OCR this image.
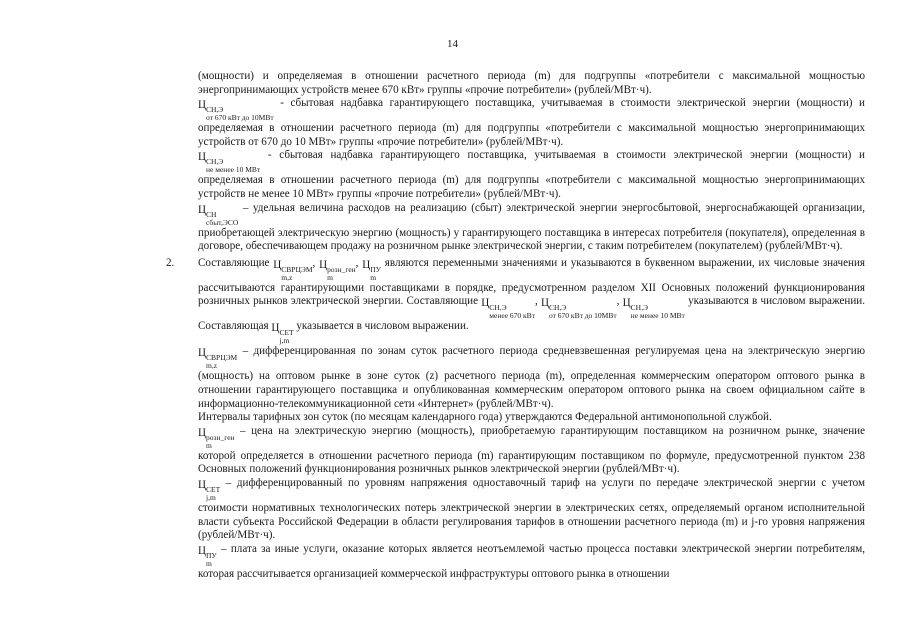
14

(мощности) и определяемая в отношении расчетного периода (m) для подгруппы «потребители с максимальной мощностью энергопринимающих устройств менее 670 кВт» группы «прочие потребители» (рублей/МВт·ч).

Ц СН,Э
от 670 кВт до 10МВт
- сбытовая надбавка гарантирующего поставщика, учитываемая в стоимости электрической энергии (мощности) и определяемая в отношении расчетного периода (m) для подгруппы «потребители с максимальной мощностью энергопринимающих устройств от 670 до 10 МВт» группы «прочие потребители» (рублей/МВт·ч).

Ц СН,Э
не менее 10 МВт
- сбытовая надбавка гарантирующего поставщика, учитываемая в стоимости электрической энергии (мощности) и определяемая в отношении расчетного периода (m) для подгруппы «потребители с максимальной мощностью энергопринимающих устройств не менее 10 МВт» группы «прочие потребители» (рублей/МВт·ч).

Ц СН
сбыт,ЭСО
– удельная величина расходов на реализацию (сбыт) электрической энергии энергосбытовой, энергоснабжающей организации, приобретающей электрическую энергию (мощность) у гарантирующего поставщика в интересах потребителя (покупателя), определенная в договоре, обеспечивающем продажу на розничном рынке электрической энергии, с таким потребителем (покупателем) (рублей/МВт·ч).

2. Составляющие Ц СВРЦЭМ
m,z
, Ц розн_ген
m
, Ц ПУ
m
являются переменными значениями и указываются в буквенном выражении, их числовые значения рассчитываются гарантирующими поставщиками в порядке, предусмотренном разделом XII Основных положений функционирования розничных рынков электрической энергии. Составляющие Ц СН,Э
менее 670 кВт
, Ц СН,Э
от 670 кВт до 10МВт
, Ц СН,Э
не менее 10 МВт
указываются в числовом выражении. Составляющая Ц СЕТ
j,m
указывается в числовом выражении.

Ц СВРЦЭМ
m,z
– дифференцированная по зонам суток расчетного периода средневзвешенная регулируемая цена на электрическую энергию (мощность) на оптовом рынке в зоне суток (z) расчетного периода (m), определенная коммерческим оператором оптового рынка в отношении гарантирующего поставщика и опубликованная коммерческим оператором оптового рынка на своем официальном сайте в информационно-телекоммуникационной сети «Интернет» (рублей/МВт·ч).

Интервалы тарифных зон суток (по месяцам календарного года) утверждаются Федеральной антимонопольной службой.

Ц розн_ген
m
– цена на электрическую энергию (мощность), приобретаемую гарантирующим поставщиком на розничном рынке, значение которой определяется в отношении расчетного периода (m) гарантирующим поставщиком по формуле, предусмотренной пунктом 238 Основных положений функционирования розничных рынков электрической энергии (рублей/МВт·ч).

Ц СЕТ
j,m
– дифференцированный по уровням напряжения одноставочный тариф на услуги по передаче электрической энергии с учетом стоимости нормативных технологических потерь электрической энергии в электрических сетях, определяемый органом исполнительной власти субъекта Российской Федерации в области регулирования тарифов в отношении расчетного периода (m) и j-го уровня напряжения (рублей/МВт·ч).

Ц ПУ
m
– плата за иные услуги, оказание которых является неотъемлемой частью процесса поставки электрической энергии потребителям, которая рассчитывается организацией коммерческой инфраструктуры оптового рынка в отношении
